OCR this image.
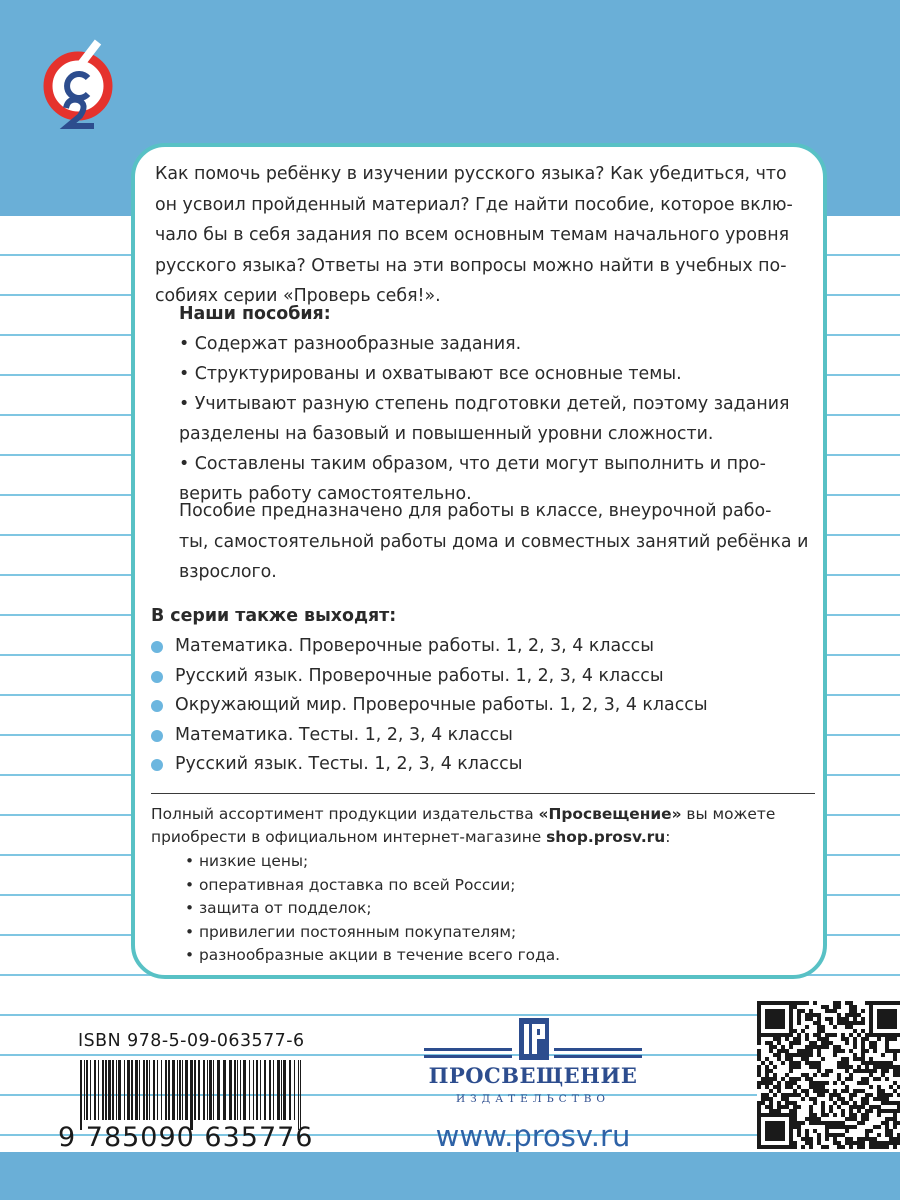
Как помочь ребёнку в изучении русского языка? Как убедиться, что
он усвоил пройденный материал? Где найти пособие, которое вклю-
чало бы в себя задания по всем основным темам начального уровня
русского языка? Ответы на эти вопросы можно найти в учебных по-
собиях серии «Проверь себя!».
Наши пособия:
• Содержат разнообразные задания.
• Структурированы и охватывают все основные темы.
• Учитывают разную степень подготовки детей, поэтому задания
разделены на базовый и повышенный уровни сложности.
• Составлены таким образом, что дети могут выполнить и про-
верить работу самостоятельно.
Пособие предназначено для работы в классе, внеурочной рабо-
ты, самостоятельной работы дома и совместных занятий ребёнка и
взрослого.
В серии также выходят:
Математика. Проверочные работы. 1, 2, 3, 4 классы
Русский язык. Проверочные работы. 1, 2, 3, 4 классы
Окружающий мир. Проверочные работы. 1, 2, 3, 4 классы
Математика. Тесты. 1, 2, 3, 4 классы
Русский язык. Тесты. 1, 2, 3, 4 классы
Полный ассортимент продукции издательства «Просвещение» вы можете
приобрести в официальном интернет-магазине shop.prosv.ru:
• низкие цены;
• оперативная доставка по всей России;
• защита от подделок;
• привилегии постоянным покупателям;
• разнообразные акции в течение всего года.
ISBN 978-5-09-063577-6
9 785090 635776
ПРОСВЕЩЕНИЕ
ИЗДАТЕЛЬСТВО
www.prosv.ru
